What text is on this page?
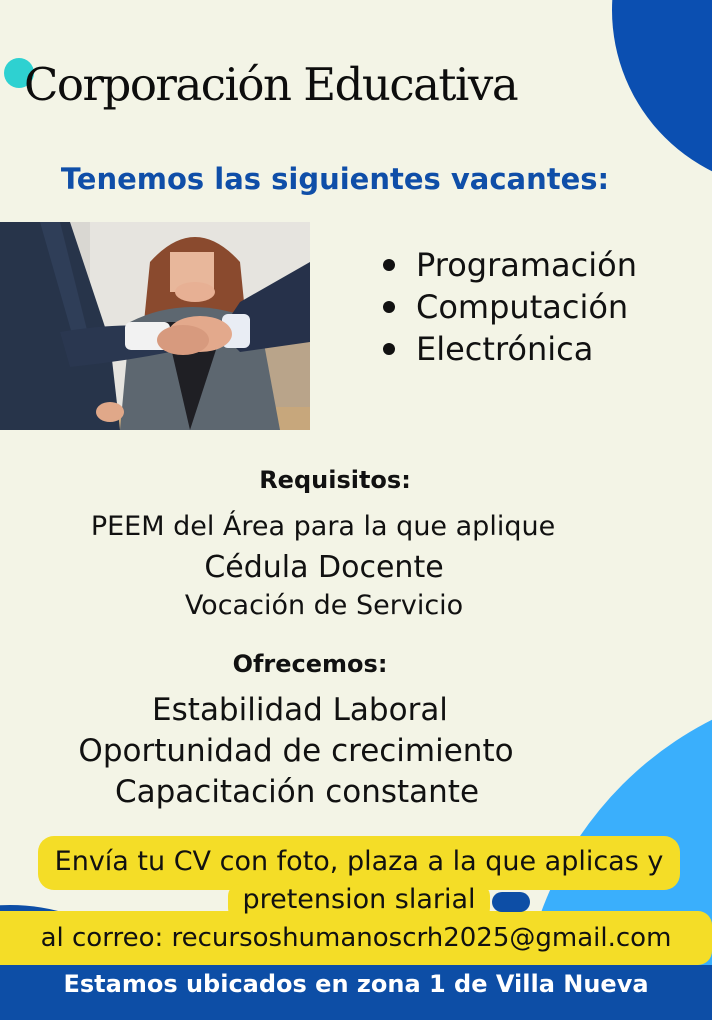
Corporación Educativa
Tenemos las siguientes vacantes:
Programación
Computación
Electrónica

Requisitos:

PEEM del Área para la que aplique

Cédula Docente

Vocación de Servicio

Ofrecemos:

Estabilidad Laboral

Oportunidad de crecimiento

Capacitación constante

Envía tu CV con foto, plaza a la que aplicas y

pretension slarial

al correo: recursoshumanoscrh2025@gmail.com

Estamos ubicados en zona 1 de Villa Nueva
